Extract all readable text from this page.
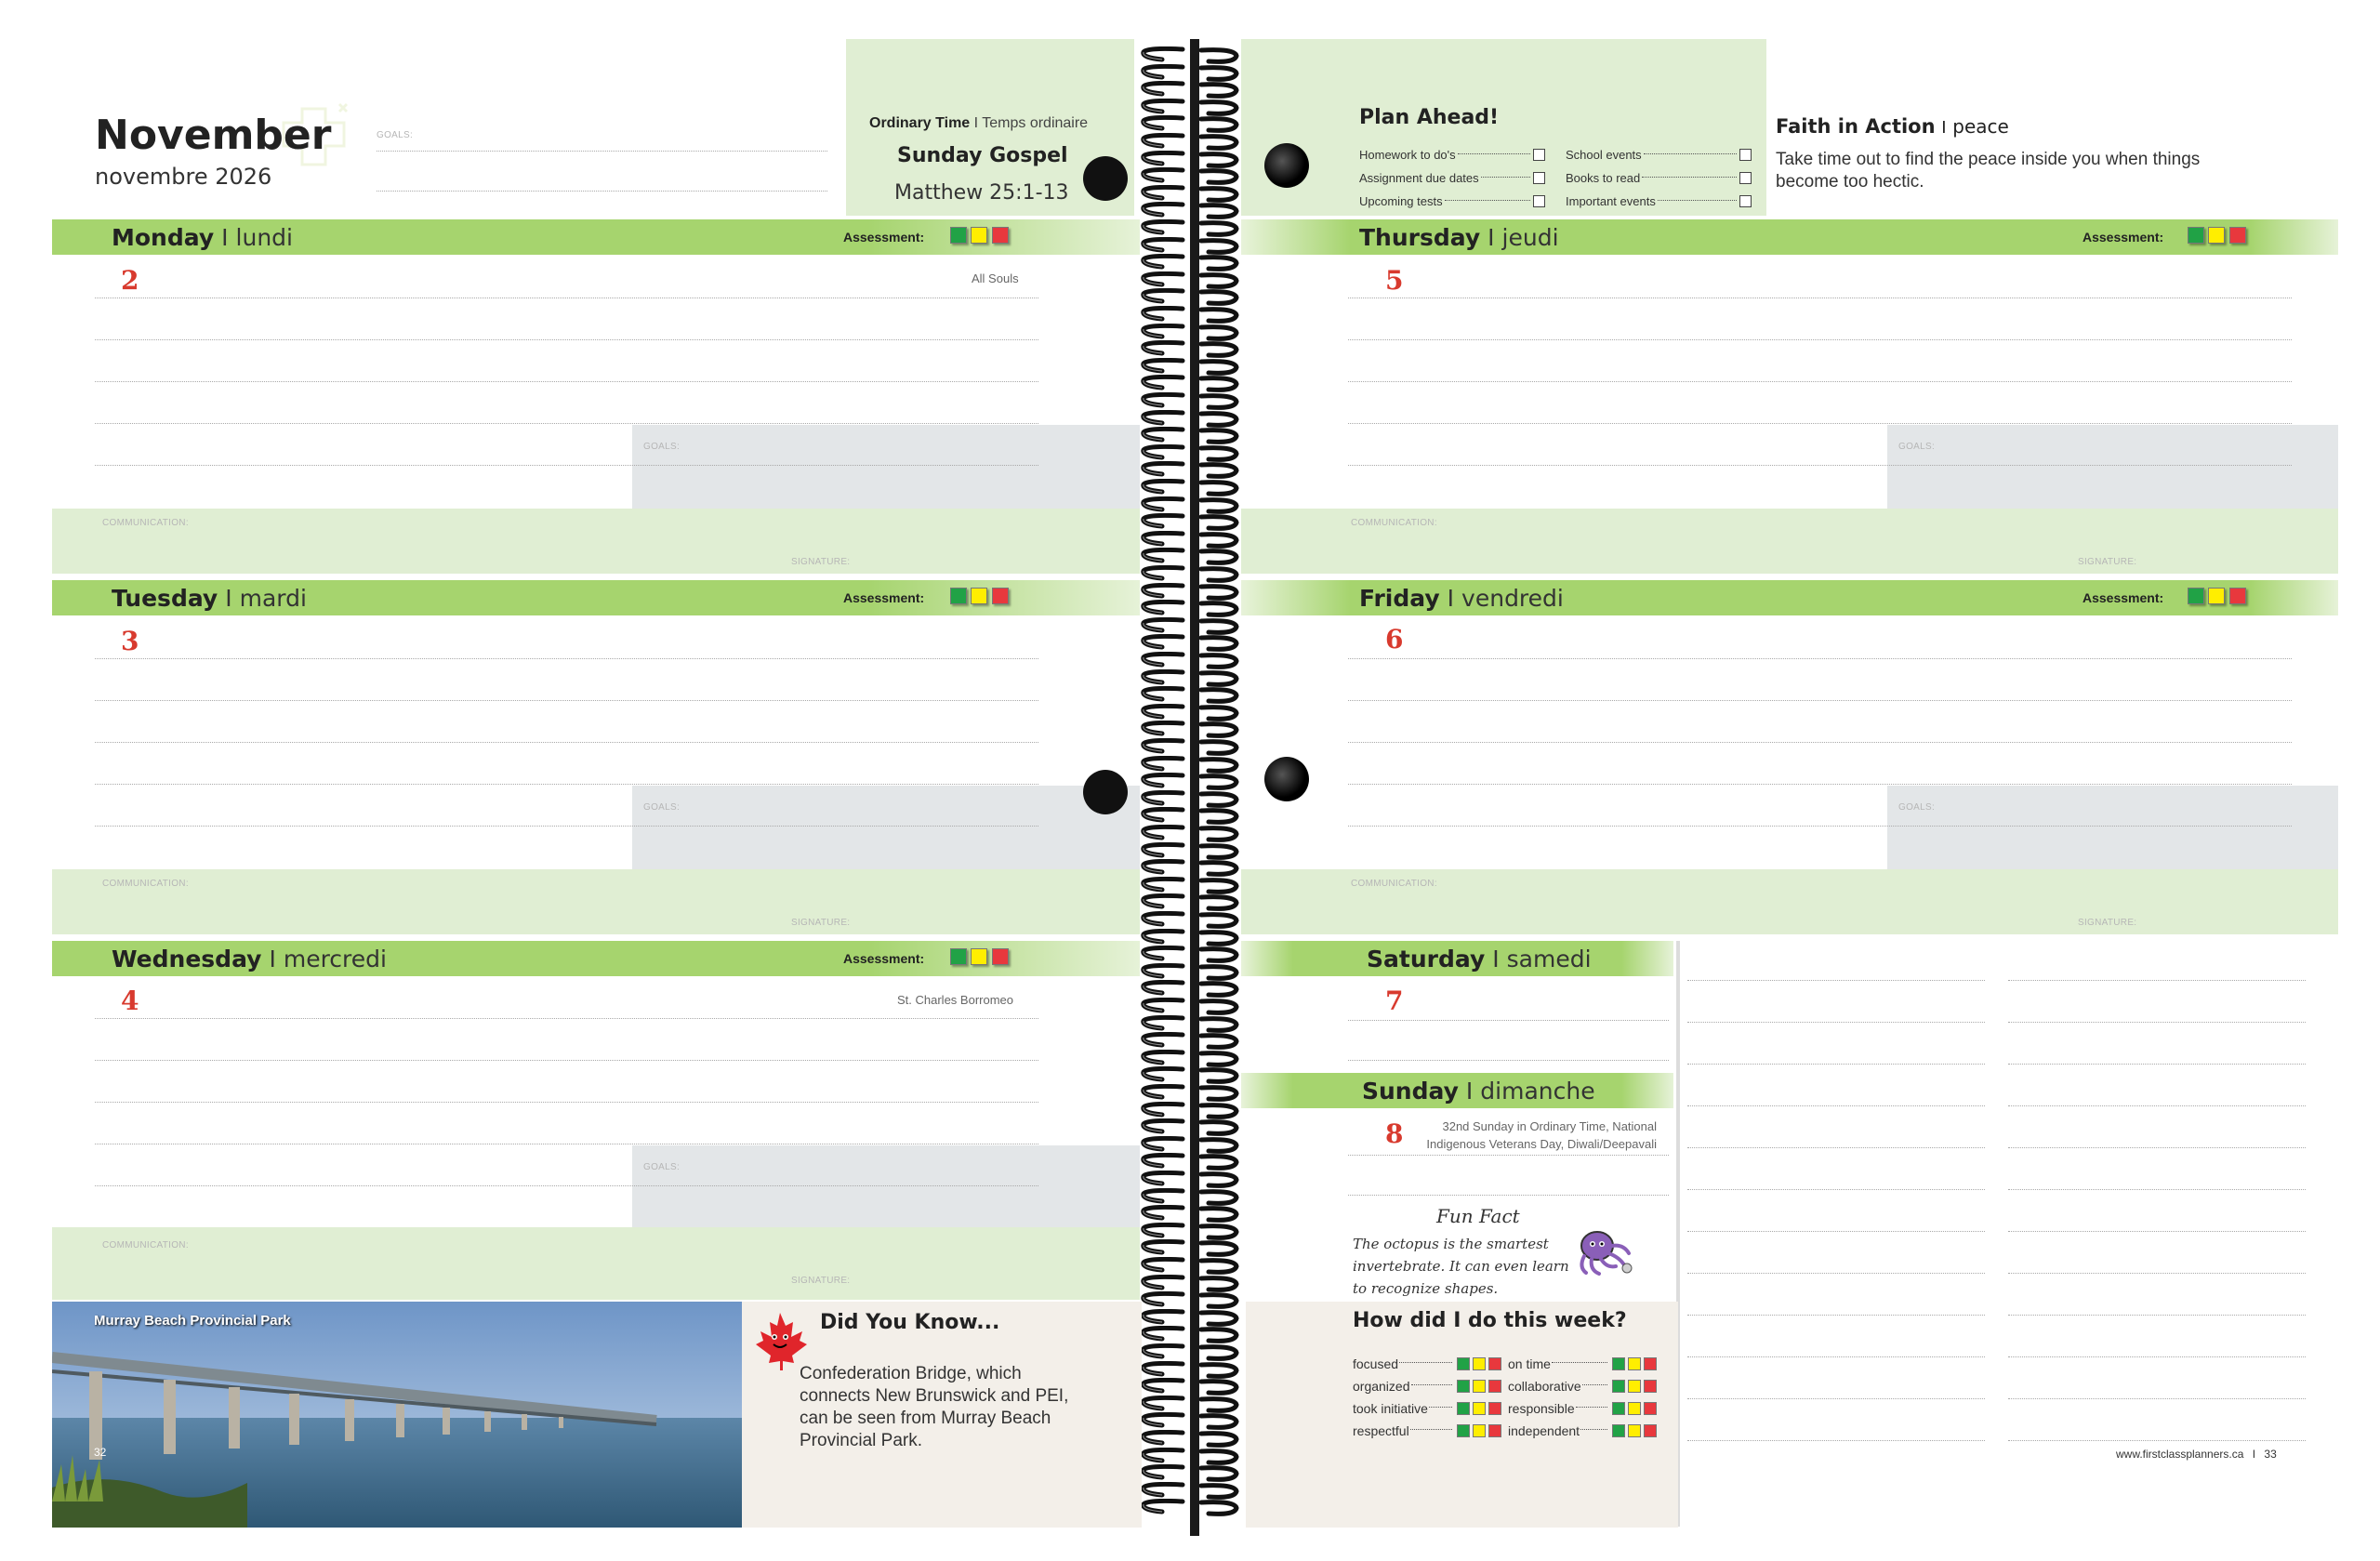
November
novembre 2026
GOALS:
Ordinary Time I Temps ordinaire
Sunday Gospel
Matthew 25:1-13
Plan Ahead!
Homework to do's
Assignment due dates
Upcoming tests
School events
Books to read
Important events
Faith in Action I peace
Take time out to find the peace inside you when things become too hectic.
Monday I lundi	Assessment:

2	All Souls
GOALS:
COMMUNICATION:
SIGNATURE:
Tuesday I mardi	Assessment:

3
GOALS:
COMMUNICATION:
SIGNATURE:
Wednesday I mercredi	Assessment:

4	St. Charles Borromeo
GOALS:
COMMUNICATION:
SIGNATURE:
Thursday I jeudi	Assessment:

5
GOALS:
COMMUNICATION:
SIGNATURE:
Friday I vendredi	Assessment:

6
GOALS:
COMMUNICATION:
SIGNATURE:
Saturday I samedi
7
Sunday I dimanche
8	32nd Sunday in Ordinary Time, National Indigenous Veterans Day, Diwali/Deepavali
Fun Fact
The octopus is the smartest invertebrate. It can even learn to recognize shapes.
Murray Beach Provincial Park
32
Did You Know...
Confederation Bridge, which connects New Brunswick and PEI, can be seen from Murray Beach Provincial Park.
How did I do this week?
focused
organized
took initiative
respectful
on time
collaborative
responsible
independent
www.firstclassplanners.ca I 33
